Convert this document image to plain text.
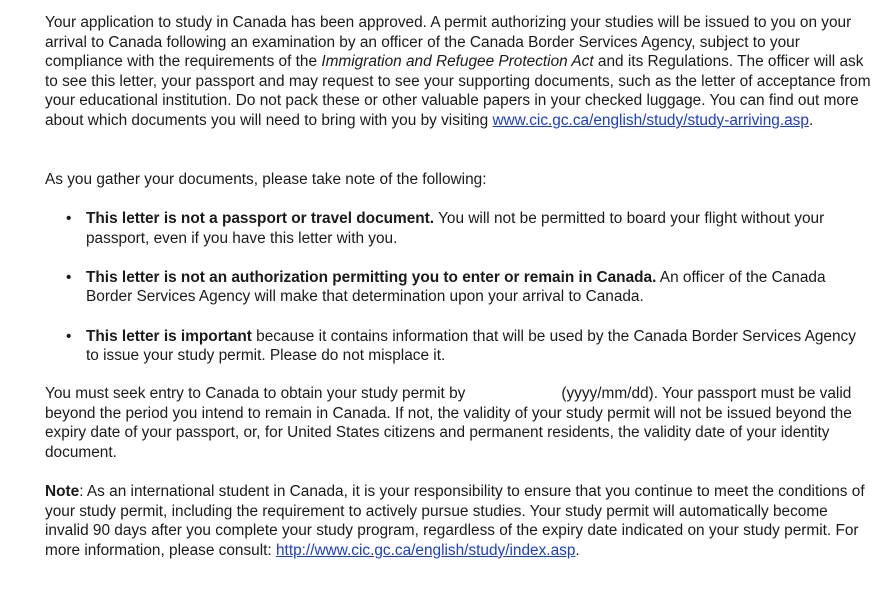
Your application to study in Canada has been approved. A permit authorizing your studies will be issued to you on your arrival to Canada following an examination by an officer of the Canada Border Services Agency, subject to your compliance with the requirements of the Immigration and Refugee Protection Act and its Regulations. The officer will ask to see this letter, your passport and may request to see your supporting documents, such as the letter of acceptance from your educational institution. Do not pack these or other valuable papers in your checked luggage. You can find out more about which documents you will need to bring with you by visiting www.cic.gc.ca/english/study/study-arriving.asp.

As you gather your documents, please take note of the following:

• This letter is not a passport or travel document. You will not be permitted to board your flight without your passport, even if you have this letter with you.
• This letter is not an authorization permitting you to enter or remain in Canada. An officer of the Canada Border Services Agency will make that determination upon your arrival to Canada.
• This letter is important because it contains information that will be used by the Canada Border Services Agency to issue your study permit. Please do not misplace it.

You must seek entry to Canada to obtain your study permit by	(yyyy/mm/dd). Your passport must be valid beyond the period you intend to remain in Canada. If not, the validity of your study permit will not be issued beyond the expiry date of your passport, or, for United States citizens and permanent residents, the validity date of your identity document.

Note: As an international student in Canada, it is your responsibility to ensure that you continue to meet the conditions of your study permit, including the requirement to actively pursue studies. Your study permit will automatically become invalid 90 days after you complete your study program, regardless of the expiry date indicated on your study permit. For more information, please consult: http://www.cic.gc.ca/english/study/index.asp.
